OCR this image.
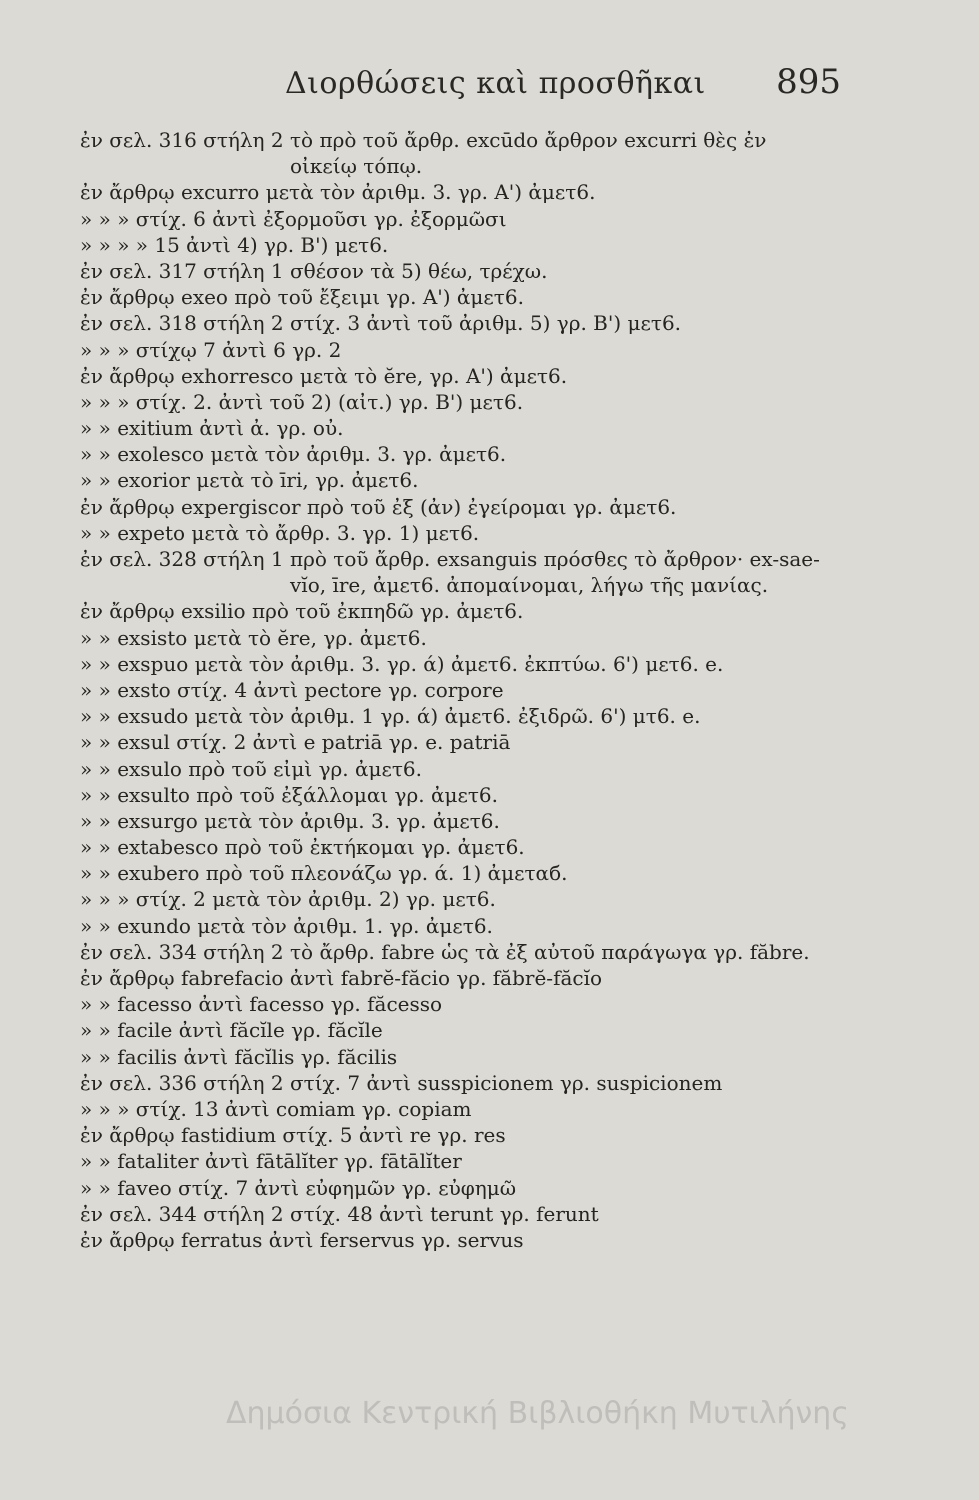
Διορθώσεις καὶ προσθῆκαι 895
ἐν σελ. 316 στήλη 2 τὸ πρὸ τοῦ ἄρθρ. excūdo ἄρθρον excurri θὲς ἐν
οἰκείῳ τόπῳ.
ἐν ἄρθρῳ excurro μετὰ τὸν ἀριθμ. 3. γρ. Α') ἀμετ6.
» » » στίχ. 6 ἀντὶ ἐξορμοῦσι γρ. ἐξορμῶσι
» » » » 15 ἀντὶ 4) γρ. Β') μετ6.
ἐν σελ. 317 στήλη 1 σθέσον τὰ 5) θέω, τρέχω.
ἐν ἄρθρῳ exeo πρὸ τοῦ ἔξειμι γρ. Α') ἀμετ6.
ἐν σελ. 318 στήλη 2 στίχ. 3 ἀντὶ τοῦ ἀριθμ. 5) γρ. Β') μετ6.
» » » στίχῳ 7 ἀντὶ 6 γρ. 2
ἐν ἄρθρῳ exhorresco μετὰ τὸ ĕre, γρ. Α') ἀμετ6.
» » » στίχ. 2. ἀντὶ τοῦ 2) (αἰτ.) γρ. Β') μετ6.
» » exitium ἀντὶ ἀ. γρ. οὐ.
» » exolesco μετὰ τὸν ἀριθμ. 3. γρ. ἀμετ6.
» » exorior μετὰ τὸ īri, γρ. ἀμετ6.
ἐν ἄρθρῳ expergiscor πρὸ τοῦ ἐξ (ἀν) ἐγείρομαι γρ. ἀμετ6.
» » expeto μετὰ τὸ ἄρθρ. 3. γρ. 1) μετ6.
ἐν σελ. 328 στήλη 1 πρὸ τοῦ ἄρθρ. exsanguis πρόσθες τὸ ἄρθρον· ex-sae-
vĭo, īre, ἀμετ6. ἀπομαίνομαι, λήγω τῆς μανίας.
ἐν ἄρθρῳ exsilio πρὸ τοῦ ἐκπηδῶ γρ. ἀμετ6.
» » exsisto μετὰ τὸ ĕre, γρ. ἀμετ6.
» » exspuo μετὰ τὸν ἀριθμ. 3. γρ. ά) ἀμετ6. ἐκπτύω. 6') μετ6. e.
» » exsto στίχ. 4 ἀντὶ pectore γρ. corpore
» » exsudo μετὰ τὸν ἀριθμ. 1 γρ. ά) ἀμετ6. ἐξιδρῶ. 6') μτ6. e.
» » exsul στίχ. 2 ἀντὶ e patriā γρ. e. patriā
» » exsulo πρὸ τοῦ εἰμὶ γρ. ἀμετ6.
» » exsulto πρὸ τοῦ ἐξάλλομαι γρ. ἀμετ6.
» » exsurgo μετὰ τὸν ἀριθμ. 3. γρ. ἀμετ6.
» » extabesco πρὸ τοῦ ἐκτήκομαι γρ. ἀμετ6.
» » exubero πρὸ τοῦ πλεονάζω γρ. ά. 1) ἀμεταб.
» » » στίχ. 2 μετὰ τὸν ἀριθμ. 2) γρ. μετ6.
» » exundo μετὰ τὸν ἀριθμ. 1. γρ. ἀμετ6.
ἐν σελ. 334 στήλη 2 τὸ ἄρθρ. fabre ὡς τὰ ἐξ αὐτοῦ παράγωγα γρ. făbre.
ἐν ἄρθρῳ fabrefacio ἀντὶ fabrĕ-făcio γρ. făbrĕ-făcĭo
» » facesso ἀντὶ facesso γρ. făcesso
» » facile ἀντὶ făcĭle γρ. făcĭle
» » facilis ἀντὶ făcĭlis γρ. făcilis
ἐν σελ. 336 στήλη 2 στίχ. 7 ἀντὶ susspicionem γρ. suspicionem
» » » στίχ. 13 ἀντὶ comiam γρ. copiam
ἐν ἄρθρῳ fastidium στίχ. 5 ἀντὶ re γρ. res
» » fataliter ἀντὶ fātālĭter γρ. fātālĭter
» » faveo στίχ. 7 ἀντὶ εὐφημῶν γρ. εὐφημῶ
ἐν σελ. 344 στήλη 2 στίχ. 48 ἀντὶ terunt γρ. ferunt
ἐν ἄρθρῳ ferratus ἀντὶ ferservus γρ. servus
Δημόσια Κεντρική Βιβλιοθήκη Μυτιλήνης
